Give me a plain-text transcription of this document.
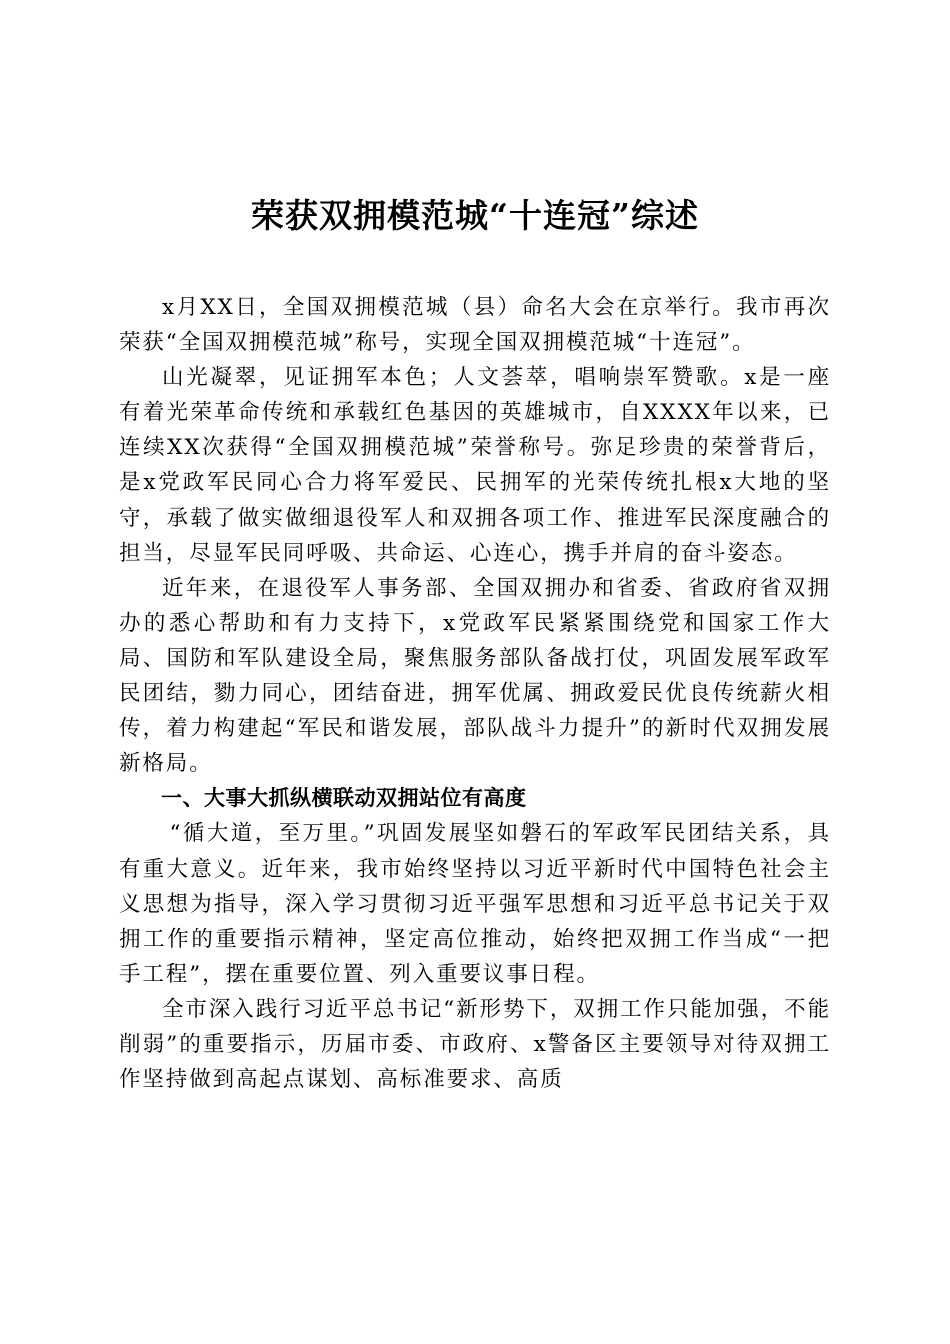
荣获双拥模范城“十连冠”综述

x月XX日，全国双拥模范城（县）命名大会在京举行。我市再次荣获“全国双拥模范城”称号，实现全国双拥模范城“十连冠”。

山光凝翠，见证拥军本色；人文荟萃，唱响崇军赞歌。x是一座有着光荣革命传统和承载红色基因的英雄城市，自XXXX年以来，已连续XX次获得“全国双拥模范城”荣誉称号。弥足珍贵的荣誉背后，是x党政军民同心合力将军爱民、民拥军的光荣传统扎根x大地的坚守，承载了做实做细退役军人和双拥各项工作、推进军民深度融合的担当，尽显军民同呼吸、共命运、心连心，携手并肩的奋斗姿态。

近年来，在退役军人事务部、全国双拥办和省委、省政府省双拥办的悉心帮助和有力支持下，x党政军民紧紧围绕党和国家工作大局、国防和军队建设全局，聚焦服务部队备战打仗，巩固发展军政军民团结，勠力同心，团结奋进，拥军优属、拥政爱民优良传统薪火相传，着力构建起“军民和谐发展，部队战斗力提升”的新时代双拥发展新格局。

一、大事大抓纵横联动双拥站位有高度

“循大道，至万里。”巩固发展坚如磐石的军政军民团结关系，具有重大意义。近年来，我市始终坚持以习近平新时代中国特色社会主义思想为指导，深入学习贯彻习近平强军思想和习近平总书记关于双拥工作的重要指示精神，坚定高位推动，始终把双拥工作当成“一把手工程”，摆在重要位置、列入重要议事日程。

全市深入践行习近平总书记“新形势下，双拥工作只能加强，不能削弱”的重要指示，历届市委、市政府、x警备区主要领导对待双拥工作坚持做到高起点谋划、高标准要求、高质
